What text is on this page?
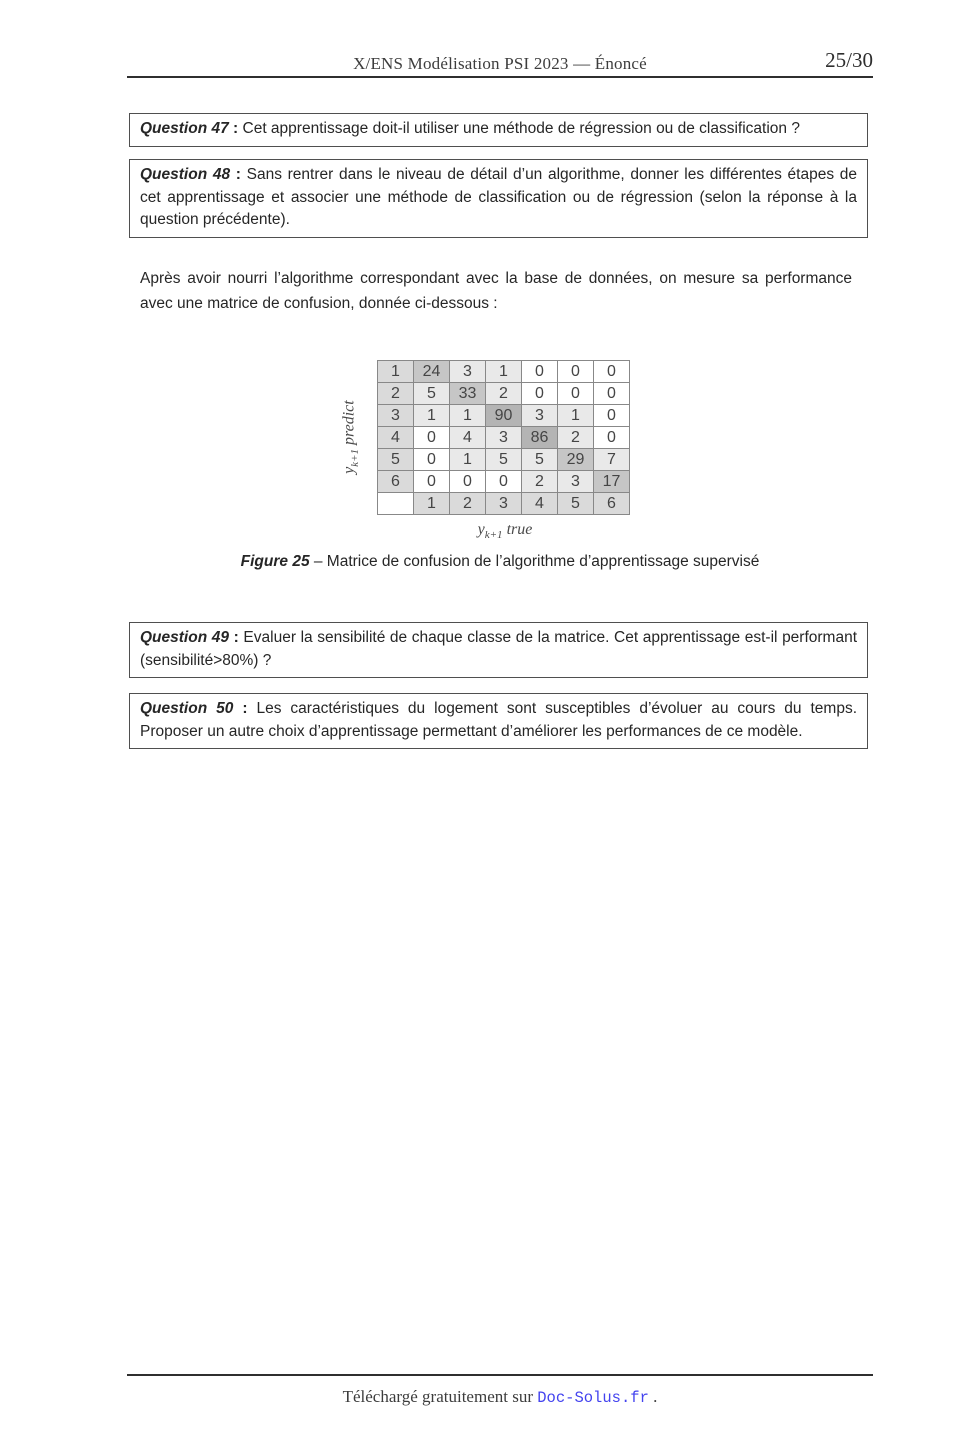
X/ENS Modélisation PSI 2023 — Énoncé	25/30
Question 47 : Cet apprentissage doit-il utiliser une méthode de régression ou de classification ?
Question 48 : Sans rentrer dans le niveau de détail d’un algorithme, donner les différentes étapes de cet apprentissage et associer une méthode de classification ou de régression (selon la réponse à la question précédente).
Après avoir nourri l’algorithme correspondant avec la base de données, on mesure sa performance avec une matrice de confusion, donnée ci-dessous :
$y_{k+1}$ predict
1	24	3	1	0	0	0
2	5	33	2	0	0	0
3	1	1	90	3	1	0
4	0	4	3	86	2	0
5	0	1	5	5	29	7
6	0	0	0	2	3	17
	1	2	3	4	5	6
$y_{k+1}$ true
Figure 25 – Matrice de confusion de l’algorithme d’apprentissage supervisé
Question 49 : Evaluer la sensibilité de chaque classe de la matrice. Cet apprentissage est-il performant (sensibilité>80%) ?
Question 50 : Les caractéristiques du logement sont susceptibles d’évoluer au cours du temps. Proposer un autre choix d’apprentissage permettant d’améliorer les performances de ce modèle.
Téléchargé gratuitement sur Doc-Solus.fr .
